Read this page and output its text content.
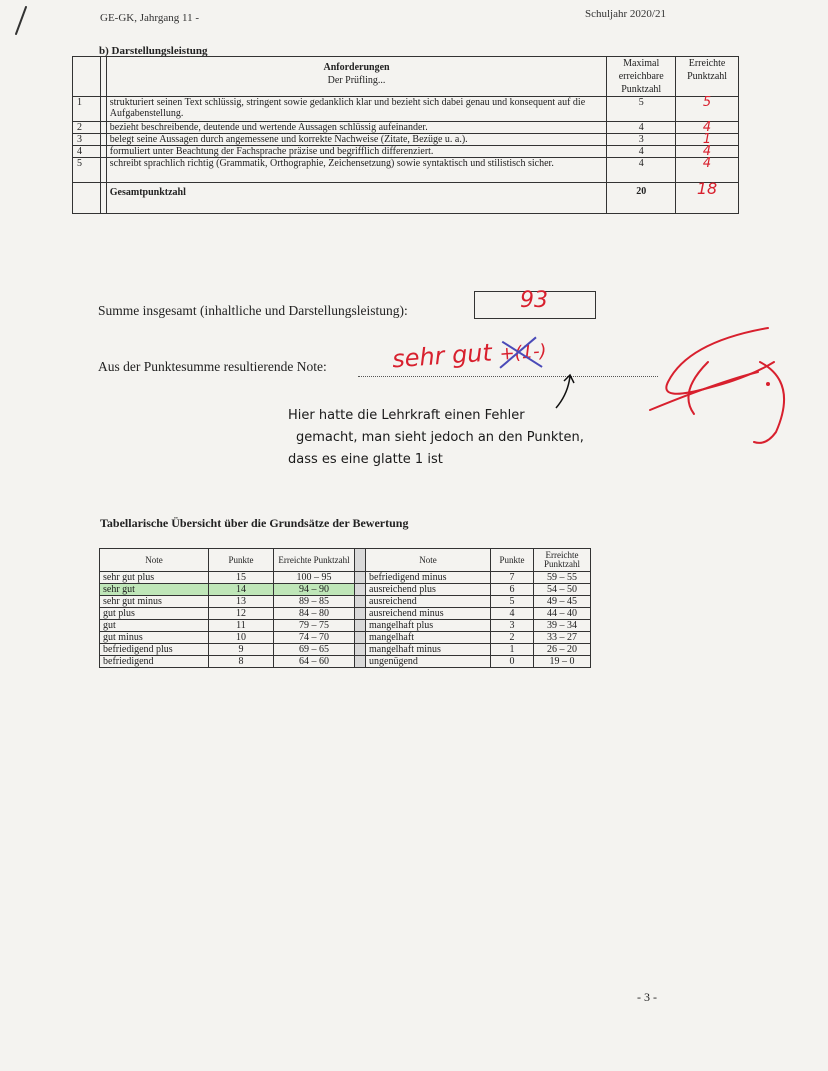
GE-GK, Jahrgang 11 -	Schuljahr 2020/21
b) Darstellungsleistung

		Anforderungen
Der Prüfling...	Maximal erreichbare Punktzahl	Erreichte Punktzahl
1		strukturiert seinen Text schlüssig, stringent sowie gedanklich klar und bezieht sich dabei genau und konsequent auf die Aufgabenstellung.	5	5
2		bezieht beschreibende, deutende und wertende Aussagen schlüssig aufeinander.	4	4
3		belegt seine Aussagen durch angemessene und korrekte Nachweise (Zitate, Bezüge u. a.).	3	1
4		formuliert unter Beachtung der Fachsprache präzise und begrifflich differenziert.	4	4
5		schreibt sprachlich richtig (Grammatik, Orthographie, Zeichensetzung) sowie syntaktisch und stilistisch sicher.	4	4
		Gesamtpunktzahl	20	18
Summe insgesamt (inhaltliche und Darstellungsleistung):	93
Aus der Punktesumme resultierende Note:	sehr gut +(1-)
Hier hatte die Lehrkraft einen Fehler
gemacht, man sieht jedoch an den Punkten,
dass es eine glatte 1 ist
Tabellarische Übersicht über die Grundsätze der Bewertung
Note	Punkte	Erreichte Punktzahl		Note	Punkte	Erreichte Punktzahl
sehr gut plus	15	100 – 95		befriedigend minus	7	59 – 55
sehr gut	14	94 – 90		ausreichend plus	6	54 – 50
sehr gut minus	13	89 – 85		ausreichend	5	49 – 45
gut plus	12	84 – 80		ausreichend minus	4	44 – 40
gut	11	79 – 75		mangelhaft plus	3	39 – 34
gut minus	10	74 – 70		mangelhaft	2	33 – 27
befriedigend plus	9	69 – 65		mangelhaft minus	1	26 – 20
befriedigend	8	64 – 60		ungenügend	0	19 – 0
- 3 -
